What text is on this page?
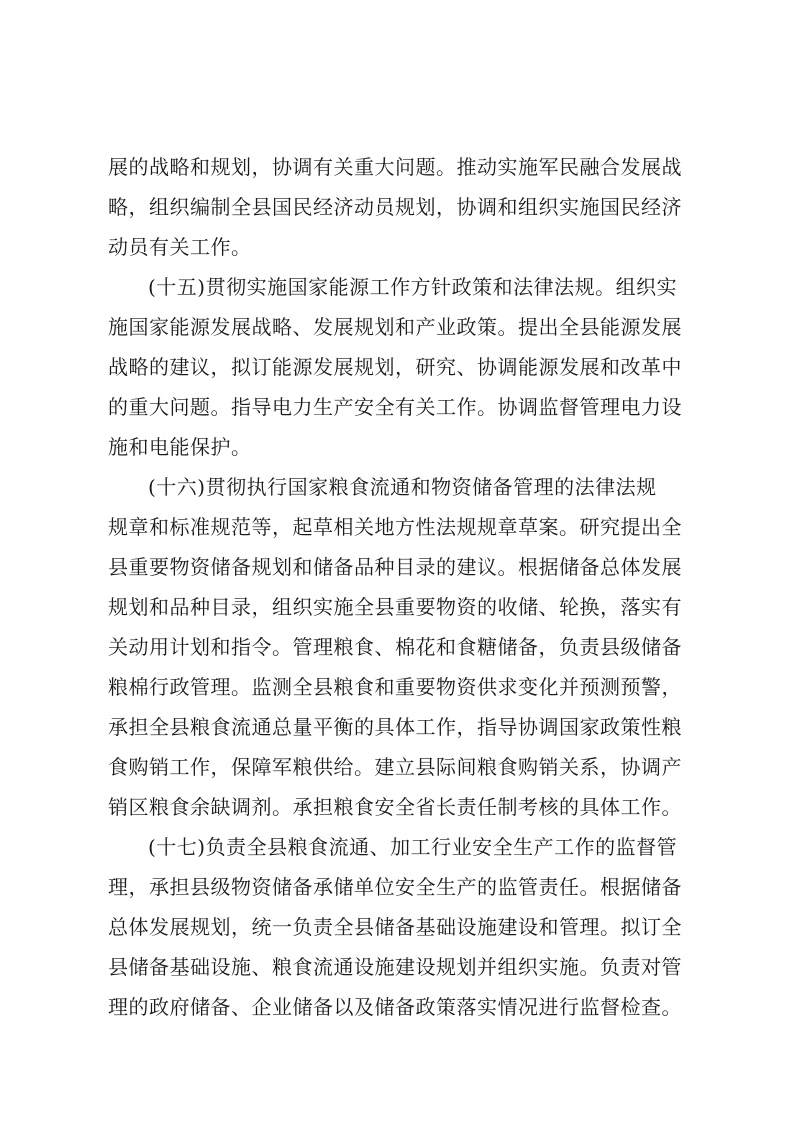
展的战略和规划，协调有关重大问题。推动实施军民融合发展战
略，组织编制全县国民经济动员规划，协调和组织实施国民经济
动员有关工作。
(十五)贯彻实施国家能源工作方针政策和法律法规。组织实
施国家能源发展战略、发展规划和产业政策。提出全县能源发展
战略的建议，拟订能源发展规划，研究、协调能源发展和改革中
的重大问题。指导电力生产安全有关工作。协调监督管理电力设
施和电能保护。
(十六)贯彻执行国家粮食流通和物资储备管理的法律法规
规章和标准规范等，起草相关地方性法规规章草案。研究提出全
县重要物资储备规划和储备品种目录的建议。根据储备总体发展
规划和品种目录，组织实施全县重要物资的收储、轮换，落实有
关动用计划和指令。管理粮食、棉花和食糖储备，负责县级储备
粮棉行政管理。监测全县粮食和重要物资供求变化并预测预警，
承担全县粮食流通总量平衡的具体工作，指导协调国家政策性粮
食购销工作，保障军粮供给。建立县际间粮食购销关系，协调产
销区粮食余缺调剂。承担粮食安全省长责任制考核的具体工作。
(十七)负责全县粮食流通、加工行业安全生产工作的监督管
理，承担县级物资储备承储单位安全生产的监管责任。根据储备
总体发展规划，统一负责全县储备基础设施建设和管理。拟订全
县储备基础设施、粮食流通设施建设规划并组织实施。负责对管
理的政府储备、企业储备以及储备政策落实情况进行监督检查。
